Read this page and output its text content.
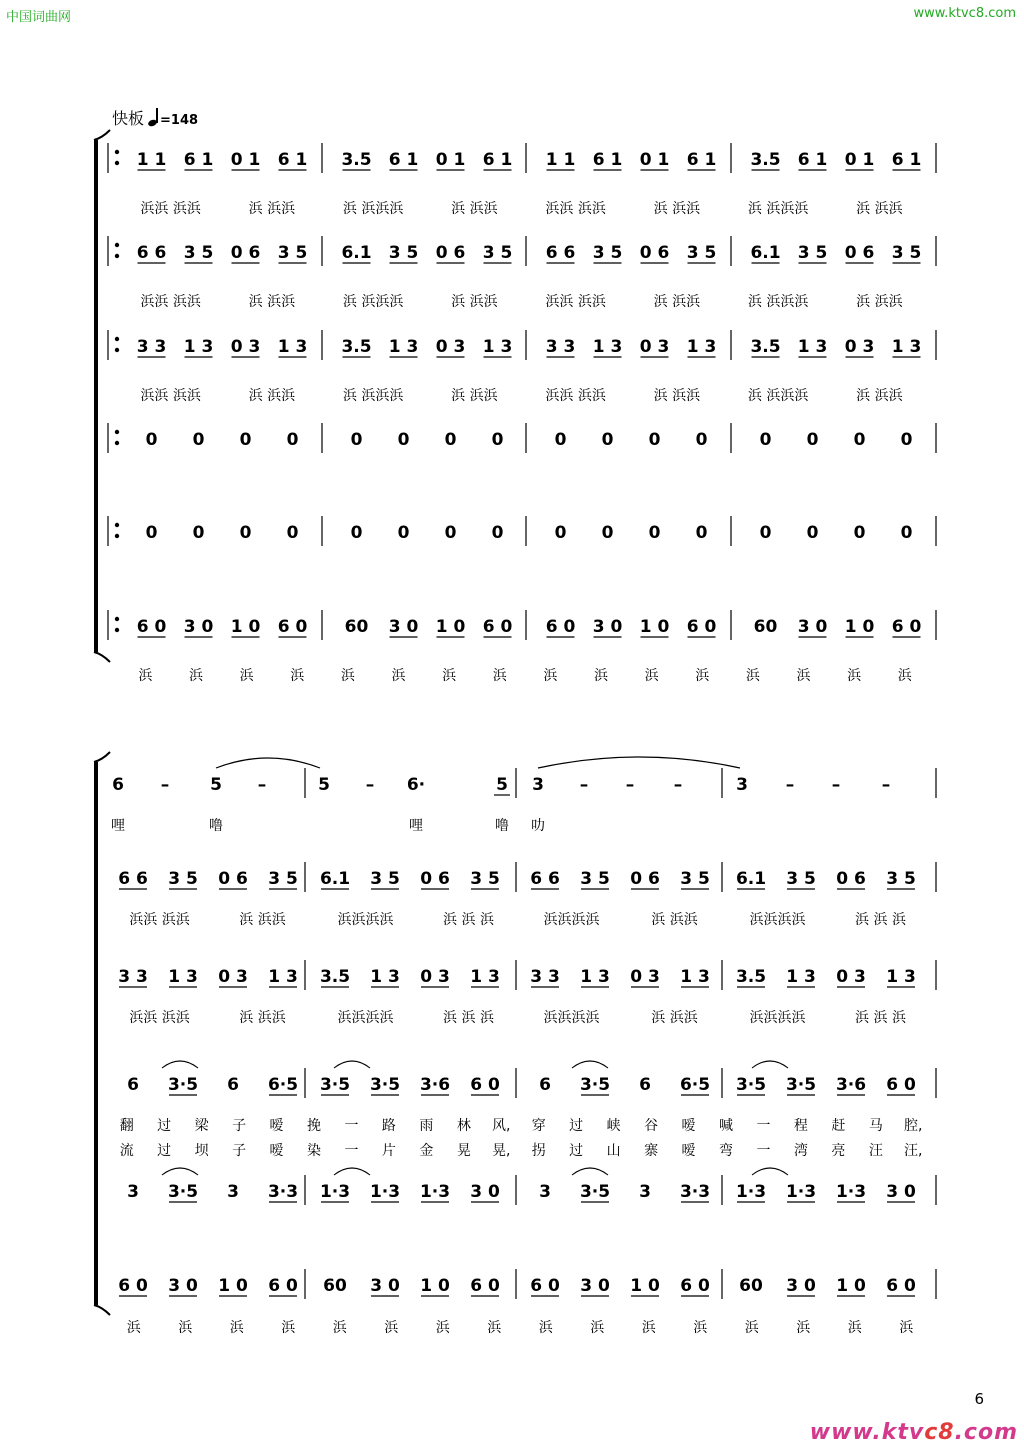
中国词曲网	www.ktvc8.com
快板 =148
1 1 6 1 0 1 6 1 3.5 6 1 0 1 6 1 1 1 6 1 0 1 6 1 3.5 6 1 0 1 6 1
浜浜 浜浜	浜 浜浜	浜 浜浜浜	浜 浜浜	浜浜 浜浜	浜 浜浜	浜 浜浜浜	浜 浜浜
6 6 3 5 0 6 3 5 6.1 3 5 0 6 3 5 6 6 3 5 0 6 3 5 6.1 3 5 0 6 3 5
浜浜 浜浜	浜 浜浜	浜 浜浜浜	浜 浜浜	浜浜 浜浜	浜 浜浜	浜 浜浜浜	浜 浜浜
3 3 1 3 0 3 1 3 3.5 1 3 0 3 1 3 3 3 1 3 0 3 1 3 3.5 1 3 0 3 1 3
浜浜 浜浜	浜 浜浜	浜 浜浜浜	浜 浜浜	浜浜 浜浜	浜 浜浜	浜 浜浜浜	浜 浜浜
0 0 0 0	0 0 0 0	0 0 0 0	0 0 0 0
0 0 0 0	0 0 0 0	0 0 0 0	0 0 0 0
6 0 3 0 1 0 6 0 60 3 0 1 0 6 0 6 0 3 0 1 0 6 0 60 3 0 1 0 6 0
浜	浜	浜	浜	浜	浜	浜	浜	浜	浜	浜	浜	浜	浜	浜	浜
6 – 5 –	5 – 6·	5 3 – – –	3 – – –
哩	噜	哩	噜 叻
6 6 3 5 0 6 3 5 6.1 3 5 0 6 3 5 6 6 3 5 0 6 3 5 6.1 3 5 0 6 3 5
浜浜 浜浜	浜 浜浜	浜浜浜浜	浜 浜 浜	浜浜浜浜	浜 浜浜	浜浜浜浜	浜 浜 浜
3 3 1 3 0 3 1 3 3.5 1 3 0 3 1 3 3 3 1 3 0 3 1 3 3.5 1 3 0 3 1 3
浜浜 浜浜	浜 浜浜	浜浜浜浜	浜 浜 浜	浜浜浜浜	浜 浜浜	浜浜浜浜	浜 浜 浜
6 3·5 6 6·5 3·5 3·5 3·6 6 0 6 3·5 6 6·5 3·5 3·5 3·6 6 0
翻 过 梁 子 嗳 挽 一 路 雨 林 风, 穿 过 峡 谷 嗳 喊 一 程 赶 马 腔,
流 过 坝 子 嗳 染 一 片 金 晃 晃, 拐 过 山 寨 嗳 弯 一 湾 亮 汪 汪,
3 3·5 3 3·3 1·3 1·3 1·3 3 0 3 3·5 3 3·3 1·3 1·3 1·3 3 0
6 0 3 0 1 0 6 0 60 3 0 1 0 6 0 6 0 3 0 1 0 6 0 60 3 0 1 0 6 0
浜	浜	浜	浜	浜	浜	浜	浜	浜	浜	浜	浜	浜	浜	浜	浜
6
www.ktvc8.com
